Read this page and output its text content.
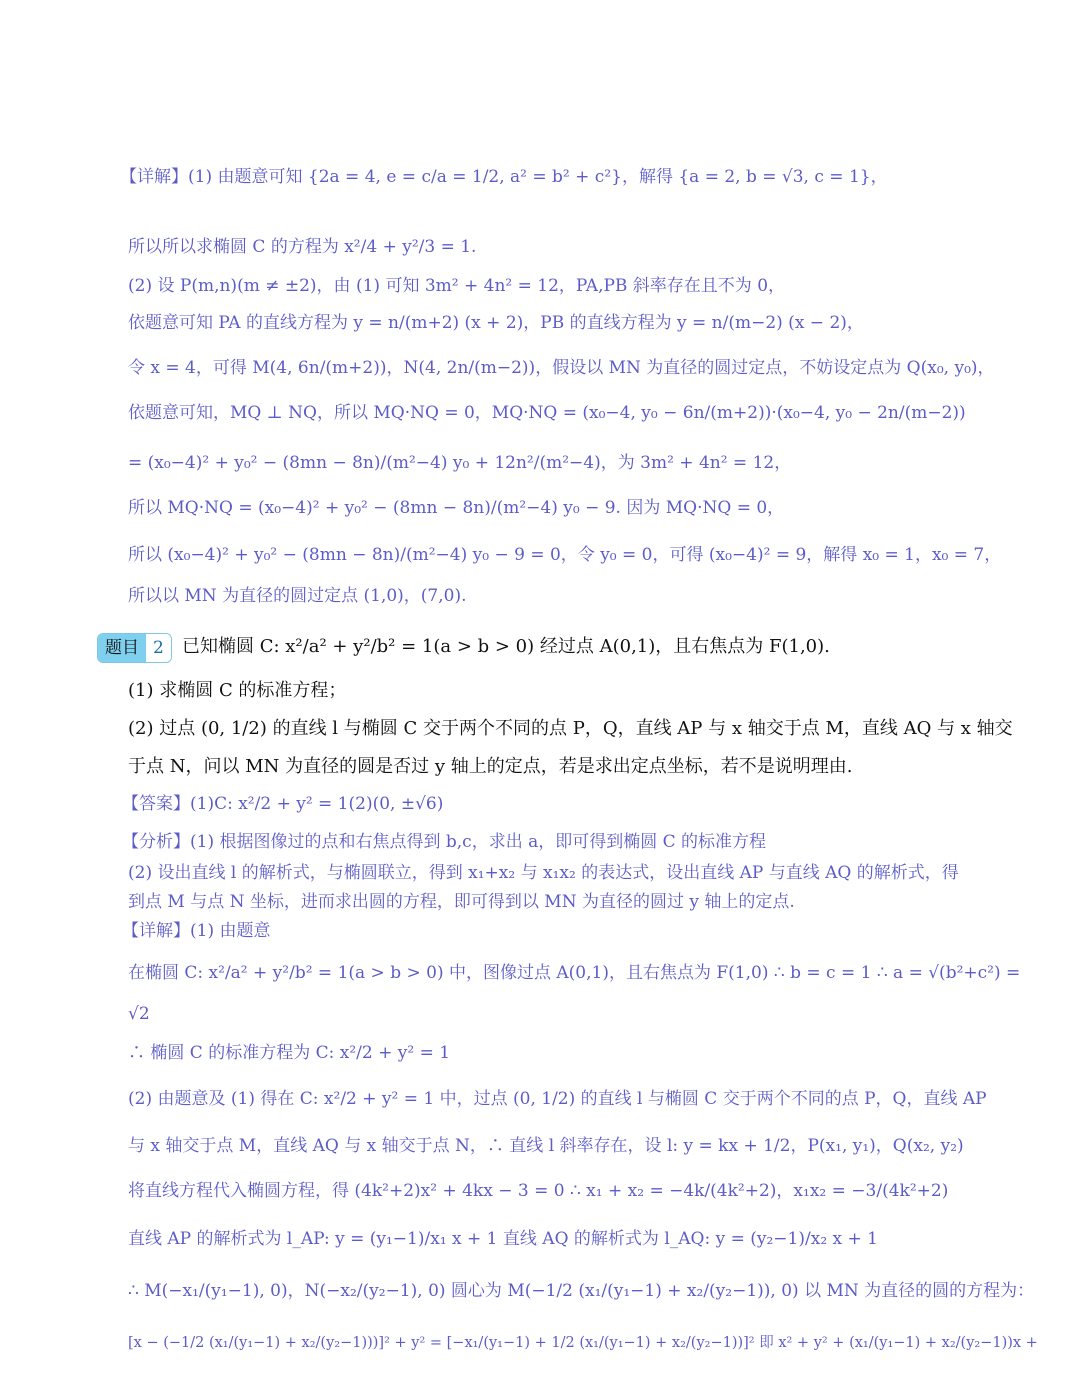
【详解】(1) 由题意可知 {2a = 4, e = c/a = 1/2, a² = b² + c²}，解得 {a = 2, b = √3, c = 1}，
所以所以求椭圆 C 的方程为 x²/4 + y²/3 = 1.
(2) 设 P(m,n)(m ≠ ±2)，由 (1) 可知 3m² + 4n² = 12，PA,PB 斜率存在且不为 0，
依题意可知 PA 的直线方程为 y = n/(m+2) (x + 2)，PB 的直线方程为 y = n/(m−2) (x − 2)，
令 x = 4，可得 M(4, 6n/(m+2))，N(4, 2n/(m−2))，假设以 MN 为直径的圆过定点，不妨设定点为 Q(x₀, y₀)，
依题意可知，MQ ⊥ NQ，所以 MQ·NQ = 0，MQ·NQ = (x₀−4, y₀ − 6n/(m+2))·(x₀−4, y₀ − 2n/(m−2))
= (x₀−4)² + y₀² − (8mn − 8n)/(m²−4) y₀ + 12n²/(m²−4)，为 3m² + 4n² = 12，
所以 MQ·NQ = (x₀−4)² + y₀² − (8mn − 8n)/(m²−4) y₀ − 9. 因为 MQ·NQ = 0，
所以 (x₀−4)² + y₀² − (8mn − 8n)/(m²−4) y₀ − 9 = 0，令 y₀ = 0，可得 (x₀−4)² = 9，解得 x₀ = 1，x₀ = 7，
所以以 MN 为直径的圆过定点 (1,0)，(7,0).
题目 2	已知椭圆 C: x²/a² + y²/b² = 1(a > b > 0) 经过点 A(0,1)，且右焦点为 F(1,0).
(1) 求椭圆 C 的标准方程；
(2) 过点 (0, 1/2) 的直线 l 与椭圆 C 交于两个不同的点 P，Q，直线 AP 与 x 轴交于点 M，直线 AQ 与 x 轴交
于点 N，问以 MN 为直径的圆是否过 y 轴上的定点，若是求出定点坐标，若不是说明理由.
【答案】(1)C: x²/2 + y² = 1(2)(0, ±√6)
【分析】(1) 根据图像过的点和右焦点得到 b,c，求出 a，即可得到椭圆 C 的标准方程
(2) 设出直线 l 的解析式，与椭圆联立，得到 x₁+x₂ 与 x₁x₂ 的表达式，设出直线 AP 与直线 AQ 的解析式，得
到点 M 与点 N 坐标，进而求出圆的方程，即可得到以 MN 为直径的圆过 y 轴上的定点.
【详解】(1) 由题意
在椭圆 C: x²/a² + y²/b² = 1(a > b > 0) 中，图像过点 A(0,1)，且右焦点为 F(1,0) ∴ b = c = 1 ∴ a = √(b²+c²) =
√2
∴ 椭圆 C 的标准方程为 C: x²/2 + y² = 1
(2) 由题意及 (1) 得在 C: x²/2 + y² = 1 中，过点 (0, 1/2) 的直线 l 与椭圆 C 交于两个不同的点 P，Q，直线 AP
与 x 轴交于点 M，直线 AQ 与 x 轴交于点 N，∴ 直线 l 斜率存在，设 l: y = kx + 1/2，P(x₁, y₁)，Q(x₂, y₂)
将直线方程代入椭圆方程，得 (4k²+2)x² + 4kx − 3 = 0 ∴ x₁ + x₂ = −4k/(4k²+2)，x₁x₂ = −3/(4k²+2)
直线 AP 的解析式为 l_AP: y = (y₁−1)/x₁ x + 1 直线 AQ 的解析式为 l_AQ: y = (y₂−1)/x₂ x + 1
∴ M(−x₁/(y₁−1), 0)，N(−x₂/(y₂−1), 0) 圆心为 M(−1/2 (x₁/(y₁−1) + x₂/(y₂−1)), 0) 以 MN 为直径的圆的方程为：
[x − (−1/2 (x₁/(y₁−1) + x₂/(y₂−1)))]² + y² = [−x₁/(y₁−1) + 1/2 (x₁/(y₁−1) + x₂/(y₂−1))]² 即 x² + y² + (x₁/(y₁−1) + x₂/(y₂−1))x +
